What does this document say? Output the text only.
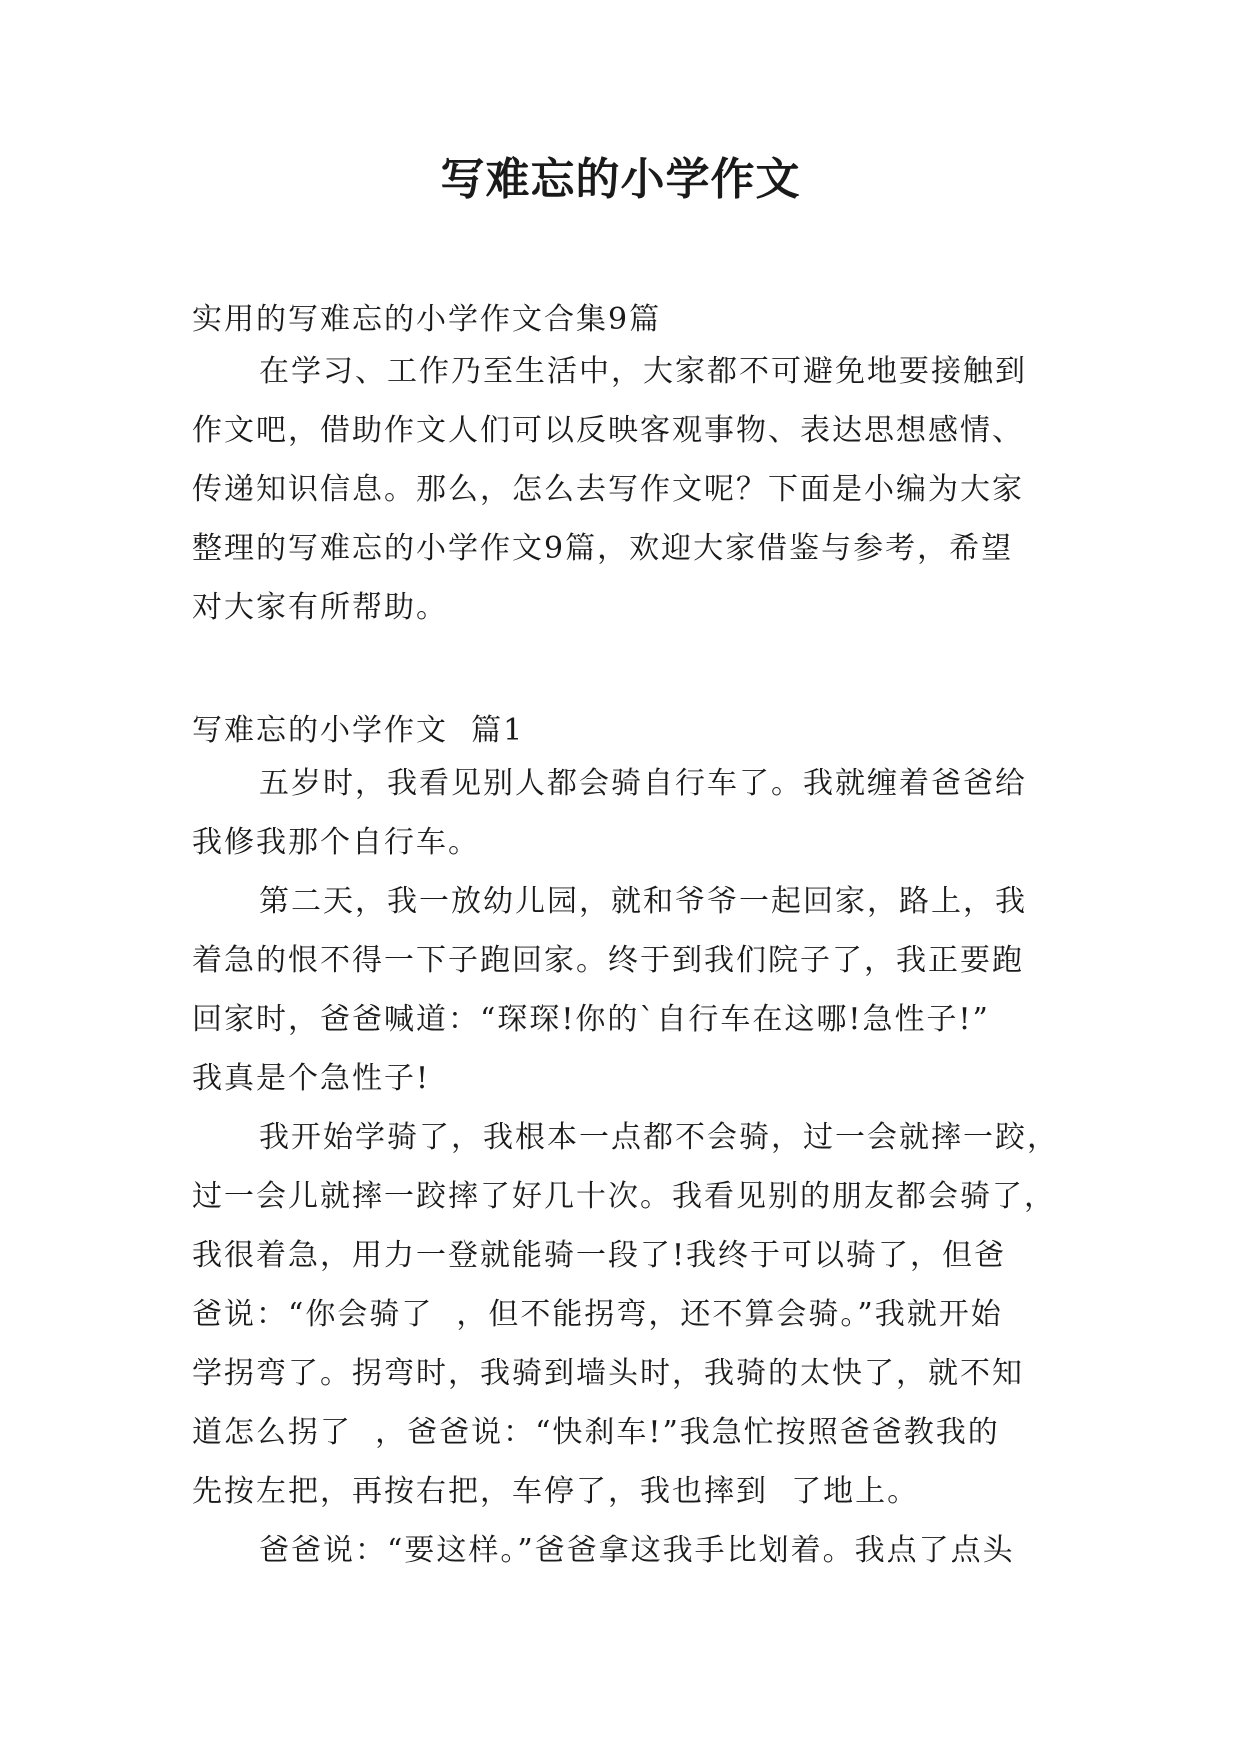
写难忘的小学作文
实用的写难忘的小学作文合集9篇
在学习、工作乃至生活中，大家都不可避免地要接触到
作文吧，借助作文人们可以反映客观事物、表达思想感情、
传递知识信息。那么，怎么去写作文呢？下面是小编为大家
整理的写难忘的小学作文9篇，欢迎大家借鉴与参考，希望
对大家有所帮助。
写难忘的小学作文  篇1
五岁时，我看见别人都会骑自行车了。我就缠着爸爸给
我修我那个自行车。
第二天，我一放幼儿园，就和爷爷一起回家，路上，我
着急的恨不得一下子跑回家。终于到我们院子了，我正要跑
回家时，爸爸喊道：“琛琛!你的`自行车在这哪!急性子!”
我真是个急性子!
我开始学骑了，我根本一点都不会骑，过一会就摔一跤，
过一会儿就摔一跤摔了好几十次。我看见别的朋友都会骑了，
我很着急，用力一登就能骑一段了!我终于可以骑了，但爸
爸说：“你会骑了  ，但不能拐弯，还不算会骑。”我就开始
学拐弯了。拐弯时，我骑到墙头时，我骑的太快了，就不知
道怎么拐了  ，爸爸说：“快刹车!”我急忙按照爸爸教我的
先按左把，再按右把，车停了，我也摔到  了地上。
爸爸说：“要这样。”爸爸拿这我手比划着。我点了点头
